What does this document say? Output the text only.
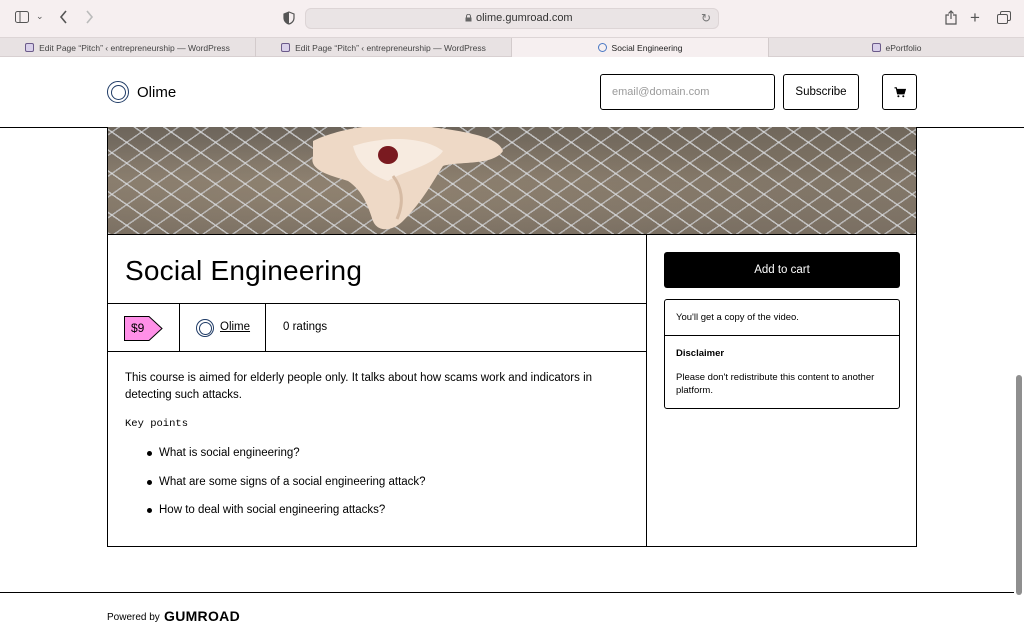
⌄	olime.gumroad.com	↻	+
Edit Page “Pitch” ‹ entrepreneurship — WordPress	Edit Page “Pitch” ‹ entrepreneurship — WordPress	Social Engineering	ePortfolio
Olime
email@domain.com	Subscribe
Social Engineering
$9	Olime	0 ratings

This course is aimed for elderly people only. It talks about how scams work and indicators in detecting such attacks.

Key points

What is social engineering?
What are some signs of a social engineering attack?
How to deal with social engineering attacks?
Add to cart
You'll get a copy of the video.
Disclaimer
Please don't redistribute this content to another platform.
Powered by GUMROAD
